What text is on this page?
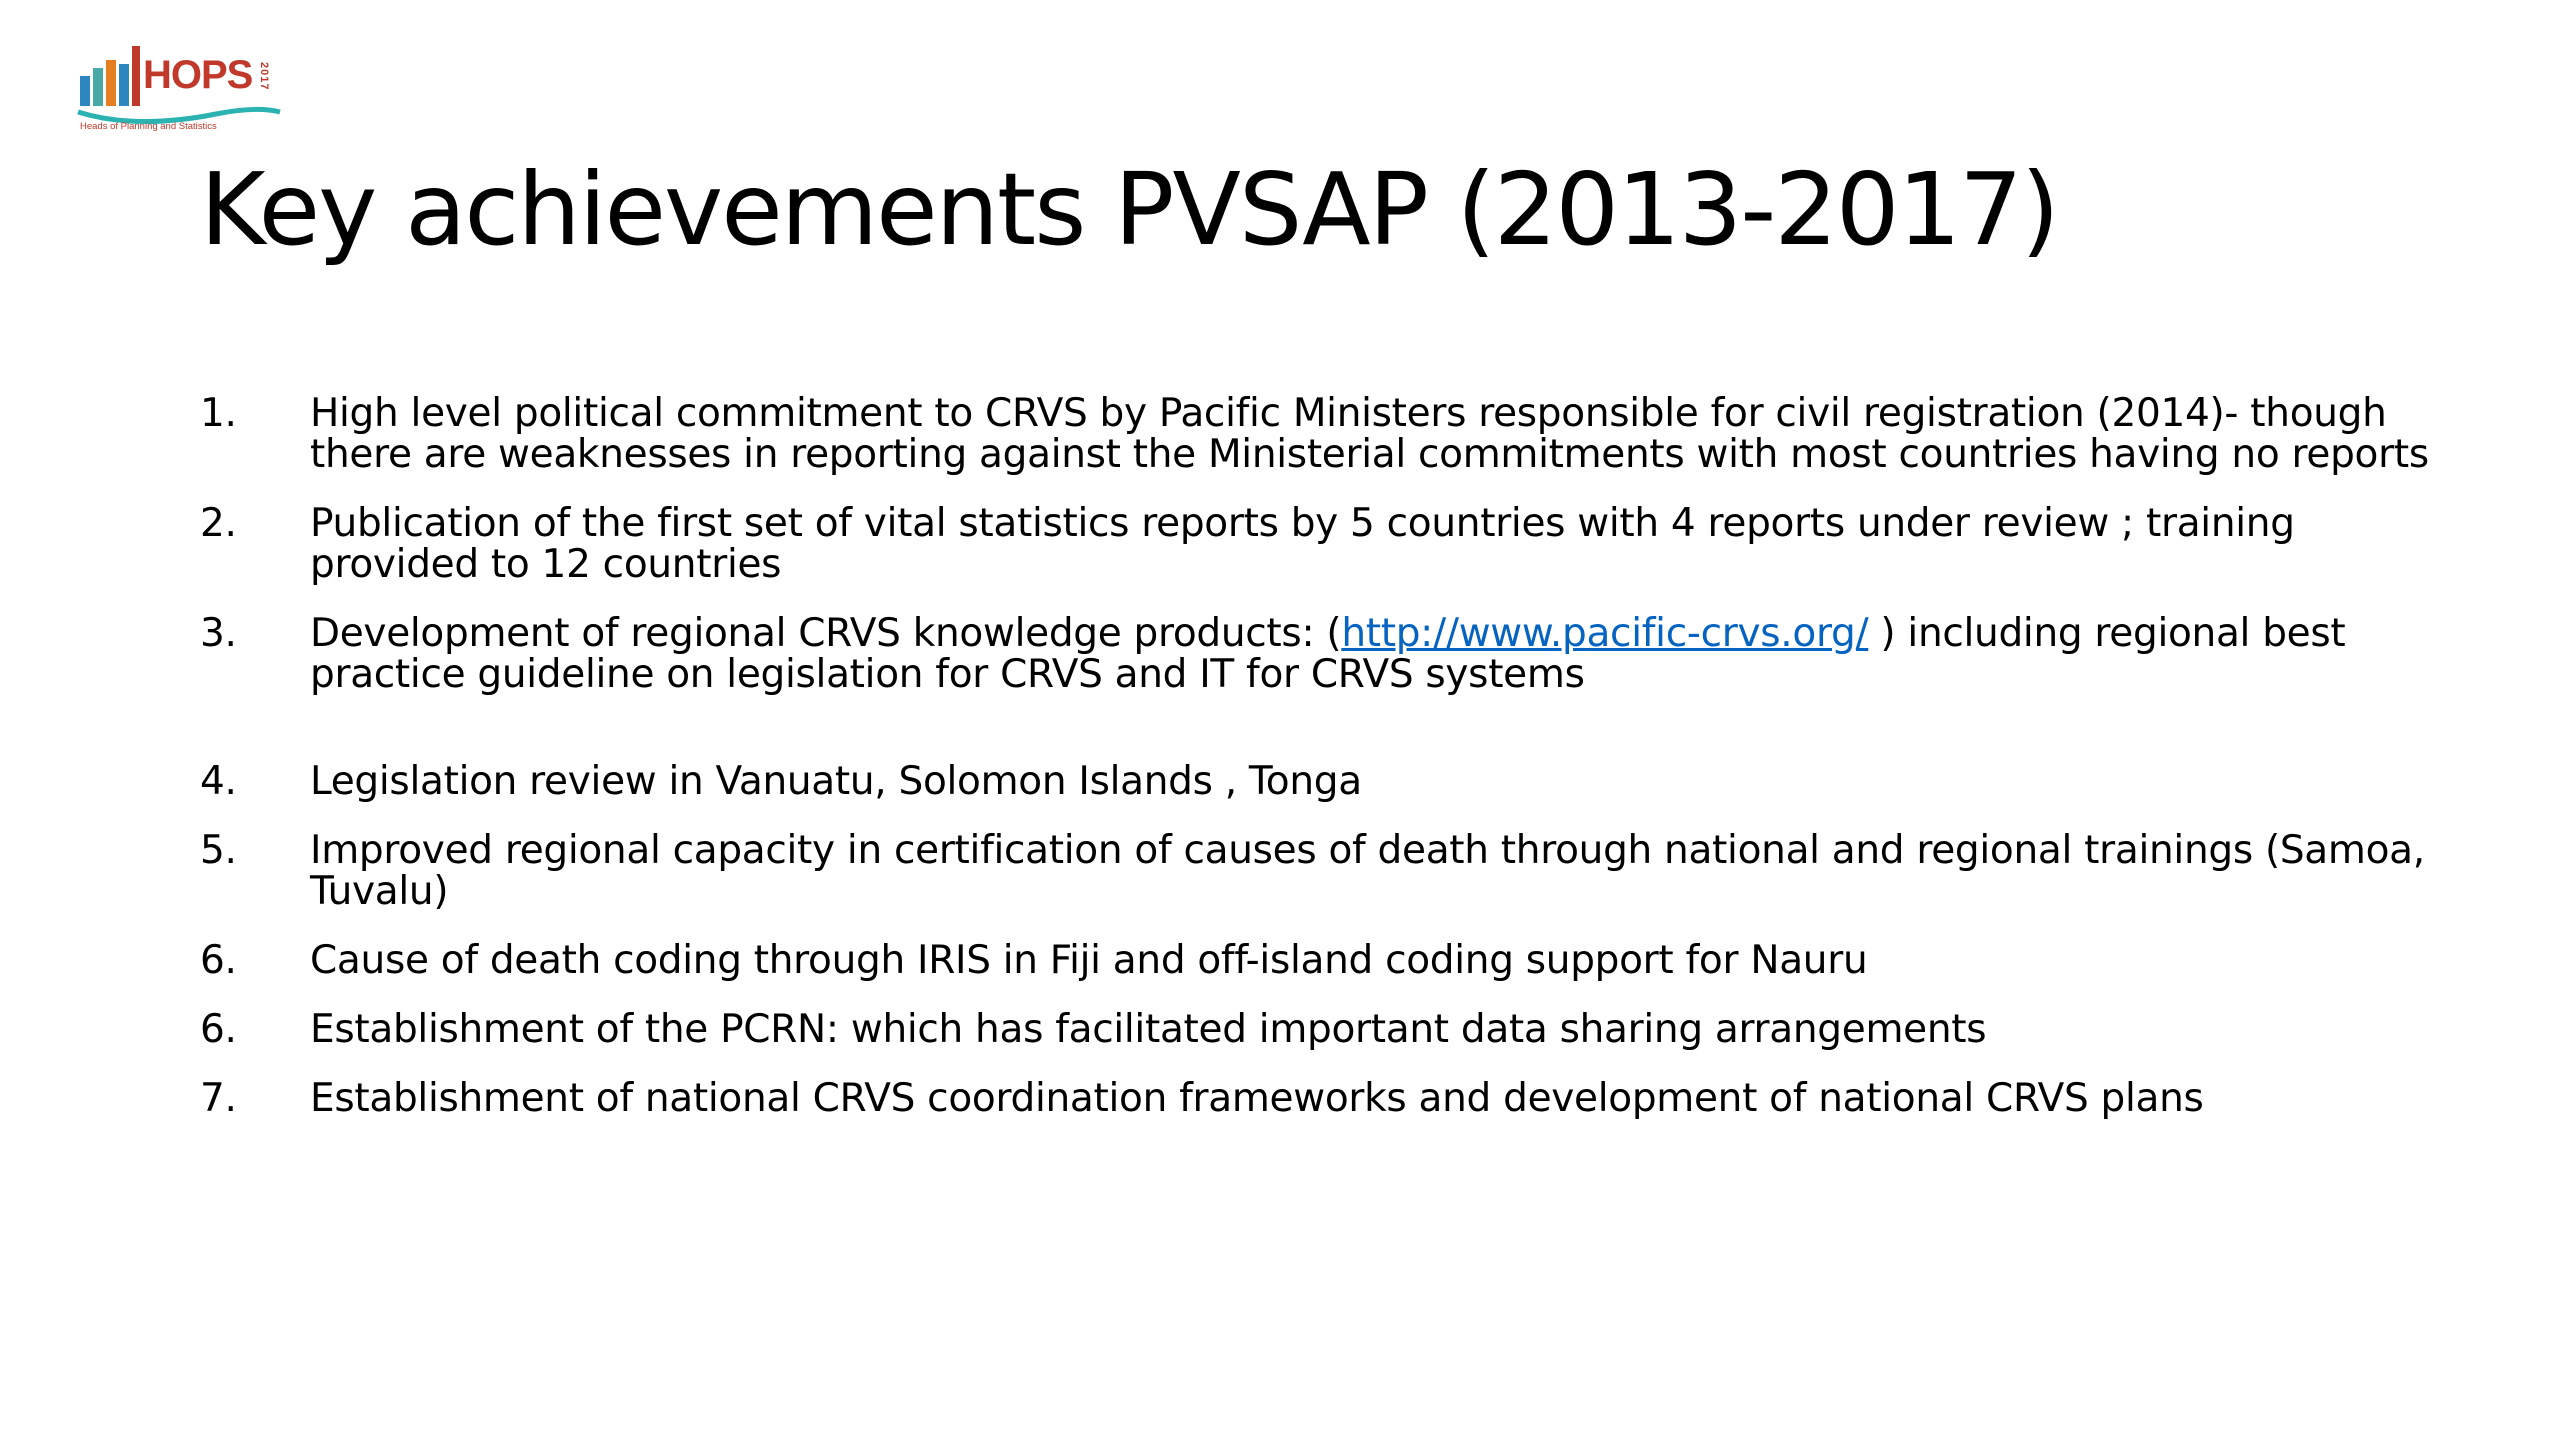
HOPS 2017
Heads of Planning and Statistics
Key achievements PVSAP (2013-2017)
1.	High level political commitment to CRVS by Pacific Ministers responsible for civil registration (2014)- though there are weaknesses in reporting against the Ministerial commitments with most countries having no reports
2.	Publication of the first set of vital statistics reports by 5 countries with 4 reports under review ; training provided to 12 countries
3.	Development of regional CRVS knowledge products: (http://www.pacific-crvs.org/ ) including regional best practice guideline on legislation for CRVS and IT for CRVS systems
4.	Legislation review in Vanuatu, Solomon Islands , Tonga
5.	Improved regional capacity in certification of causes of death through national and regional trainings (Samoa, Tuvalu)
6.	Cause of death coding through IRIS in Fiji and off-island coding support for Nauru
6.	Establishment of the PCRN: which has facilitated important data sharing arrangements
7.	Establishment of national CRVS coordination frameworks and development of national CRVS plans
